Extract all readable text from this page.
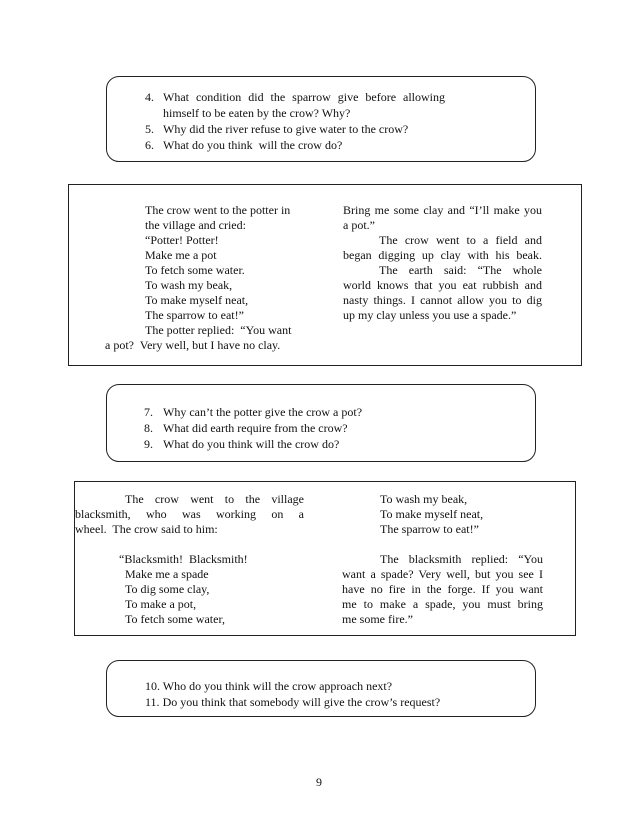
4. What condition did the sparrow give before allowing
himself to be eaten by the crow? Why?
5. Why did the river refuse to give water to the crow?
6. What do you think  will the crow do?
The crow went to the potter in
the village and cried:
“Potter! Potter!
Make me a pot
To fetch some water.
To wash my beak,
To make myself neat,
The sparrow to eat!”
The potter replied:  “You want
a pot?  Very well, but I have no clay.
Bring me some clay and “I’ll make you
a pot.”
The crow went to a field and
began digging up clay with his beak.
The earth said: “The whole
world knows that you eat rubbish and
nasty things. I cannot allow you to dig
up my clay unless you use a spade.”
7. Why can’t the potter give the crow a pot?
8. What did earth require from the crow?
9. What do you think will the crow do?
The crow went to the village
blacksmith, who was working on a
wheel.  The crow said to him:

“Blacksmith!  Blacksmith!
Make me a spade
To dig some clay,
To make a pot,
To fetch some water,
To wash my beak,
To make myself neat,
The sparrow to eat!”

The blacksmith replied: “You
want a spade? Very well, but you see I
have no fire in the forge. If you want
me to make a spade, you must bring
me some fire.”
10. Who do you think will the crow approach next?
11. Do you think that somebody will give the crow’s request?
9
